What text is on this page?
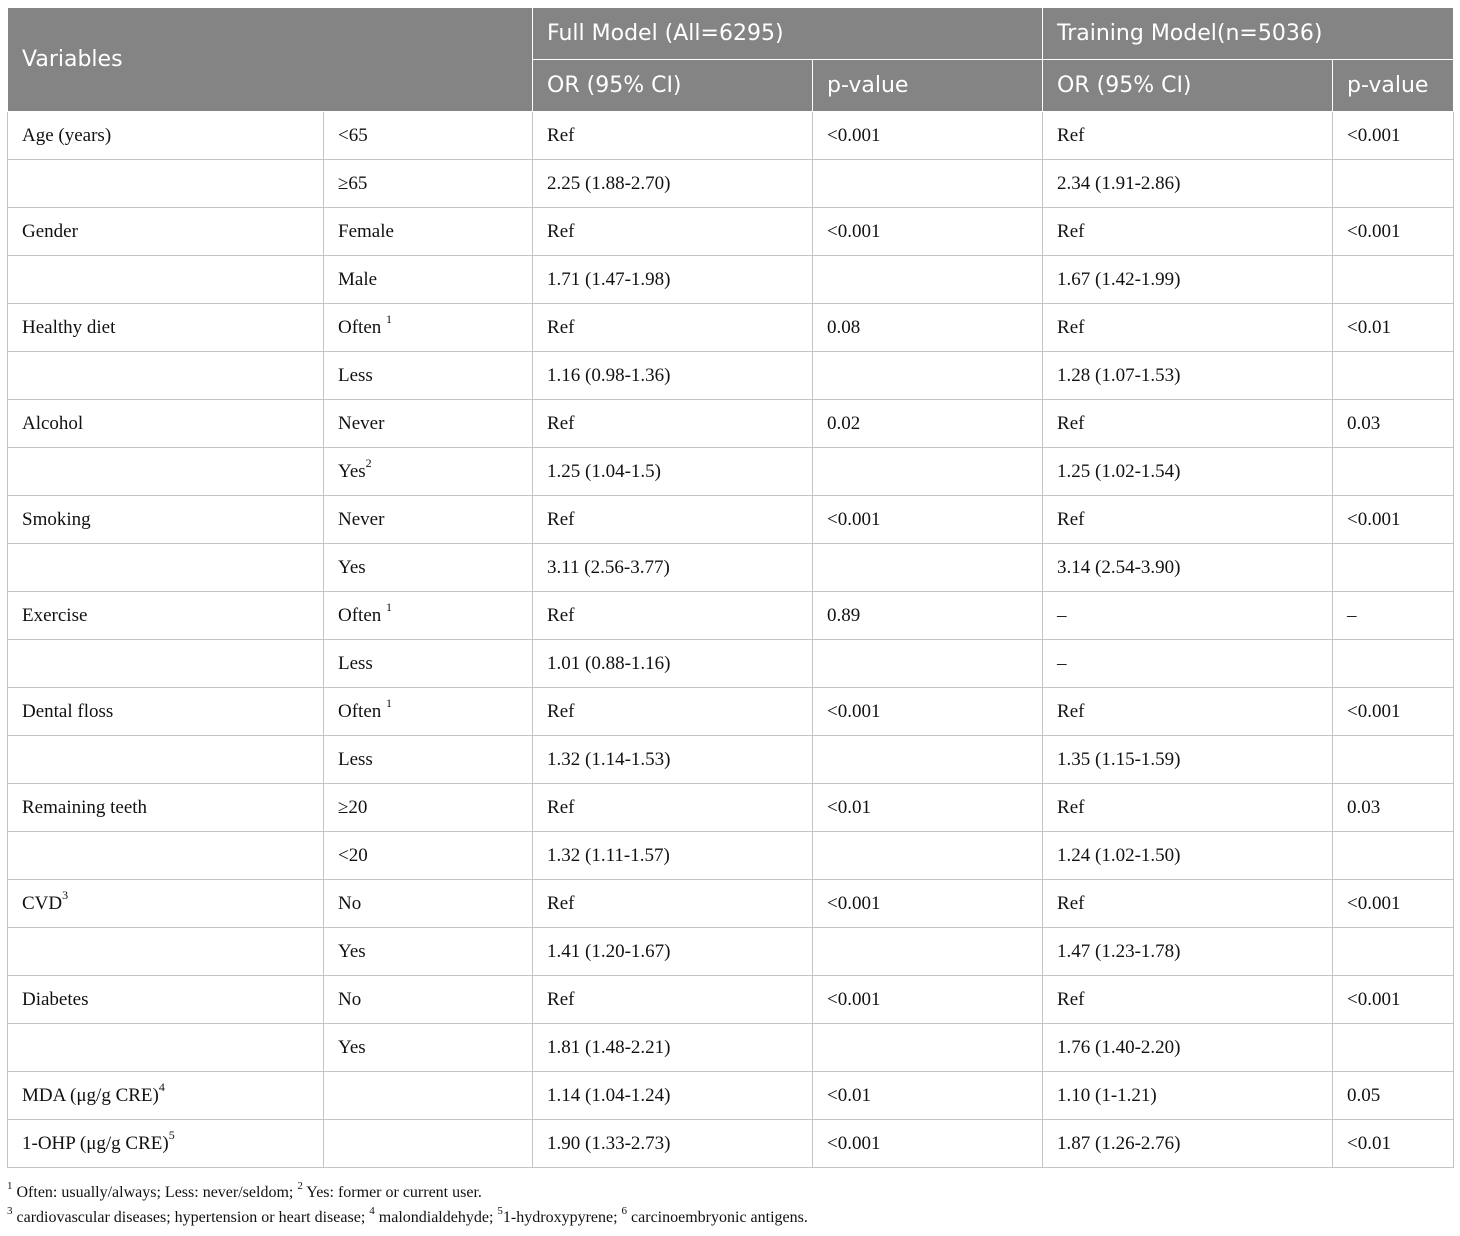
Variables		Full Model (All=6295)		Training Model(n=5036)	
		OR (95% CI)	p-value	OR (95% CI)	p-value
Age (years)	<65	Ref	<0.001	Ref	<0.001
	≥65	2.25 (1.88-2.70)		2.34 (1.91-2.86)	
Gender	Female	Ref	<0.001	Ref	<0.001
	Male	1.71 (1.47-1.98)		1.67 (1.42-1.99)	
Healthy diet	Often $^1$	Ref	0.08	Ref	<0.01
	Less	1.16 (0.98-1.36)		1.28 (1.07-1.53)	
Alcohol	Never	Ref	0.02	Ref	0.03
	Yes$^2$	1.25 (1.04-1.5)		1.25 (1.02-1.54)	
Smoking	Never	Ref	<0.001	Ref	<0.001
	Yes	3.11 (2.56-3.77)		3.14 (2.54-3.90)	
Exercise	Often $^1$	Ref	0.89	–	–
	Less	1.01 (0.88-1.16)		–	
Dental floss	Often $^1$	Ref	<0.001	Ref	<0.001
	Less	1.32 (1.14-1.53)		1.35 (1.15-1.59)	
Remaining teeth	≥20	Ref	<0.01	Ref	0.03
	<20	1.32 (1.11-1.57)		1.24 (1.02-1.50)	
CVD$^3$	No	Ref	<0.001	Ref	<0.001
	Yes	1.41 (1.20-1.67)		1.47 (1.23-1.78)	
Diabetes	No	Ref	<0.001	Ref	<0.001
	Yes	1.81 (1.48-2.21)		1.76 (1.40-2.20)	
MDA (μg/g CRE)$^4$		1.14 (1.04-1.24)	<0.01	1.10 (1-1.21)	0.05
1-OHP (μg/g CRE)$^5$		1.90 (1.33-2.73)	<0.001	1.87 (1.26-2.76)	<0.01
$^1$ Often: usually/always; Less: never/seldom; $^2$ Yes: former or current user.
$^3$ cardiovascular diseases; hypertension or heart disease; $^4$ malondialdehyde; $^5$1-hydroxypyrene; $^6$ carcinoembryonic antigens.
